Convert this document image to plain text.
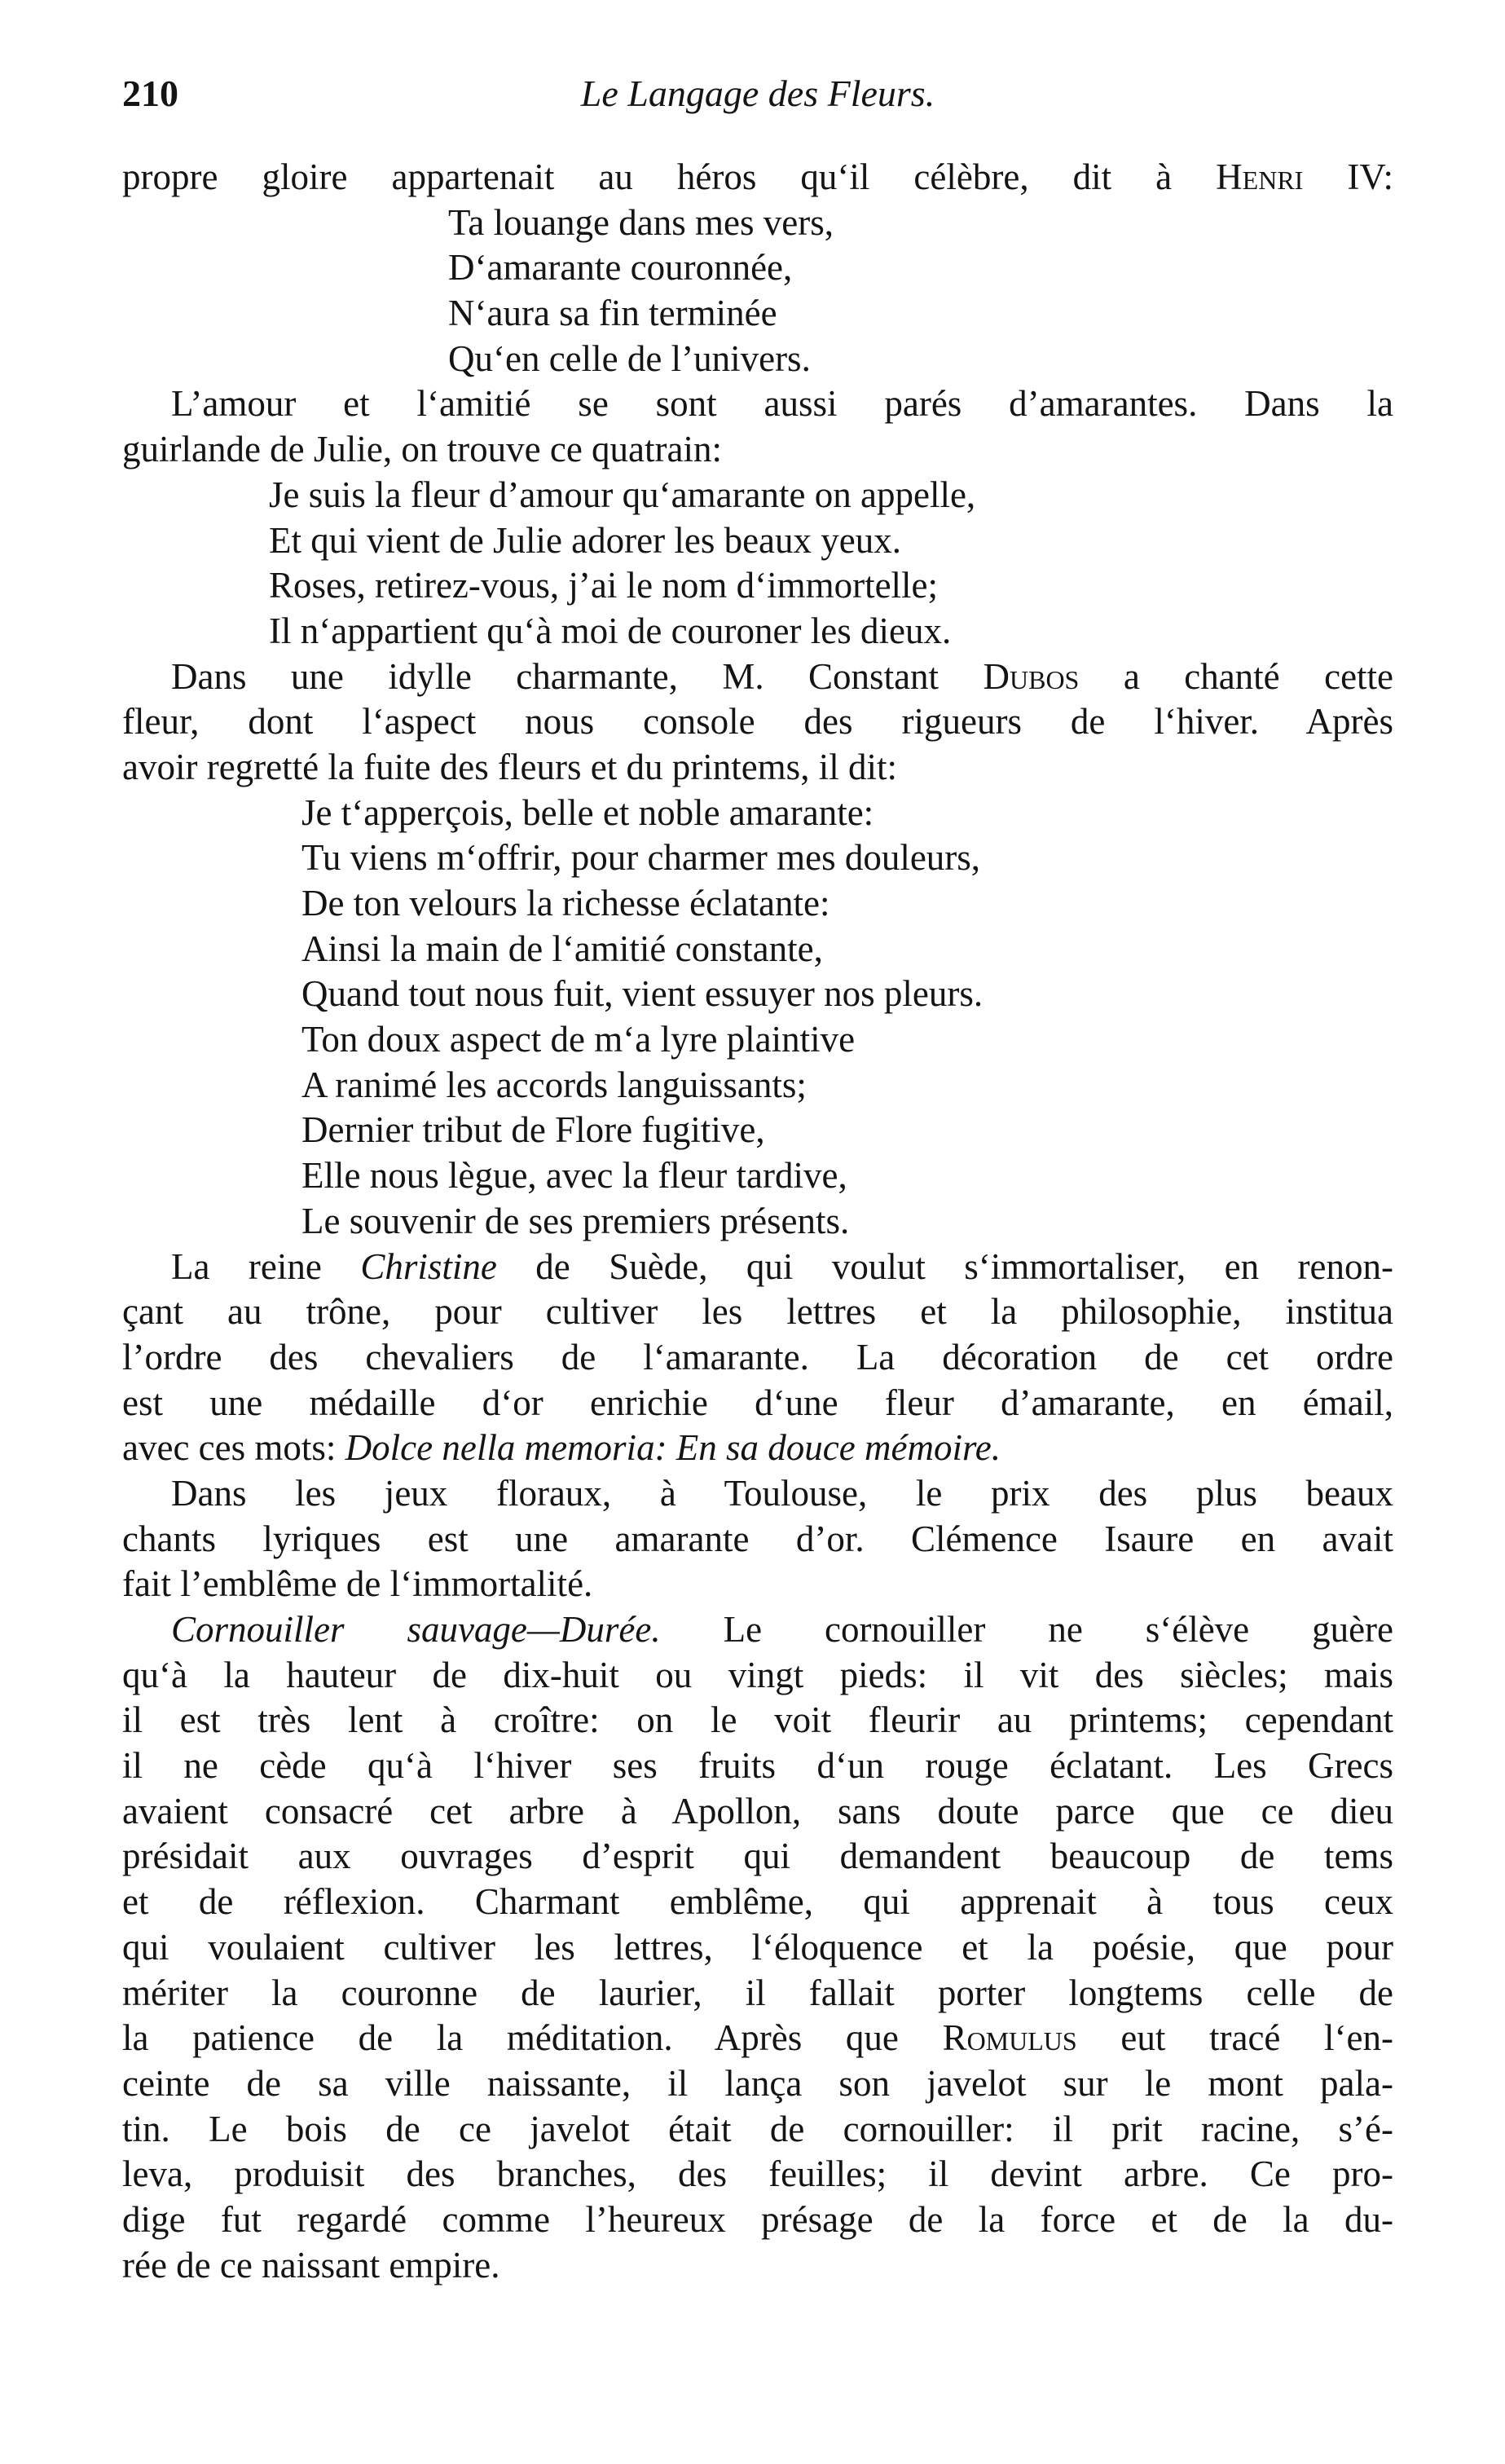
210	Le Langage des Fleurs.
propre gloire appartenait au héros qu‘il célèbre, dit à Henri IV:
Ta louange dans mes vers,
D‘amarante couronnée,
N‘aura sa fin terminée
Qu‘en celle de l’univers.
L’amour et l‘amitié se sont aussi parés d’amarantes. Dans la
guirlande de Julie, on trouve ce quatrain:
Je suis la fleur d’amour qu‘amarante on appelle,
Et qui vient de Julie adorer les beaux yeux.
Roses, retirez-vous, j’ai le nom d‘immortelle;
Il n‘appartient qu‘à moi de couroner les dieux.
Dans une idylle charmante, M. Constant Dubos a chanté cette
fleur, dont l‘aspect nous console des rigueurs de l‘hiver. Après
avoir regretté la fuite des fleurs et du printems, il dit:
Je t‘apperçois, belle et noble amarante:
Tu viens m‘offrir, pour charmer mes douleurs,
De ton velours la richesse éclatante:
Ainsi la main de l‘amitié constante,
Quand tout nous fuit, vient essuyer nos pleurs.
Ton doux aspect de m‘a lyre plaintive
A ranimé les accords languissants;
Dernier tribut de Flore fugitive,
Elle nous lègue, avec la fleur tardive,
Le souvenir de ses premiers présents.
La reine Christine de Suède, qui voulut s‘immortaliser, en renon-
çant au trône, pour cultiver les lettres et la philosophie, institua
l’ordre des chevaliers de l‘amarante. La décoration de cet ordre
est une médaille d‘or enrichie d‘une fleur d’amarante, en émail,
avec ces mots: Dolce nella memoria: En sa douce mémoire.
Dans les jeux floraux, à Toulouse, le prix des plus beaux
chants lyriques est une amarante d’or. Clémence Isaure en avait
fait l’emblême de l‘immortalité.
Cornouiller sauvage—Durée. Le cornouiller ne s‘élève guère
qu‘à la hauteur de dix-huit ou vingt pieds: il vit des siècles; mais
il est très lent à croître: on le voit fleurir au printems; cependant
il ne cède qu‘à l‘hiver ses fruits d‘un rouge éclatant. Les Grecs
avaient consacré cet arbre à Apollon, sans doute parce que ce dieu
présidait aux ouvrages d’esprit qui demandent beaucoup de tems
et de réflexion. Charmant emblême, qui apprenait à tous ceux
qui voulaient cultiver les lettres, l‘éloquence et la poésie, que pour
mériter la couronne de laurier, il fallait porter longtems celle de
la patience de la méditation. Après que Romulus eut tracé l‘en-
ceinte de sa ville naissante, il lança son javelot sur le mont pala-
tin. Le bois de ce javelot était de cornouiller: il prit racine, s’é-
leva, produisit des branches, des feuilles; il devint arbre. Ce pro-
dige fut regardé comme l’heureux présage de la force et de la du-
rée de ce naissant empire.
